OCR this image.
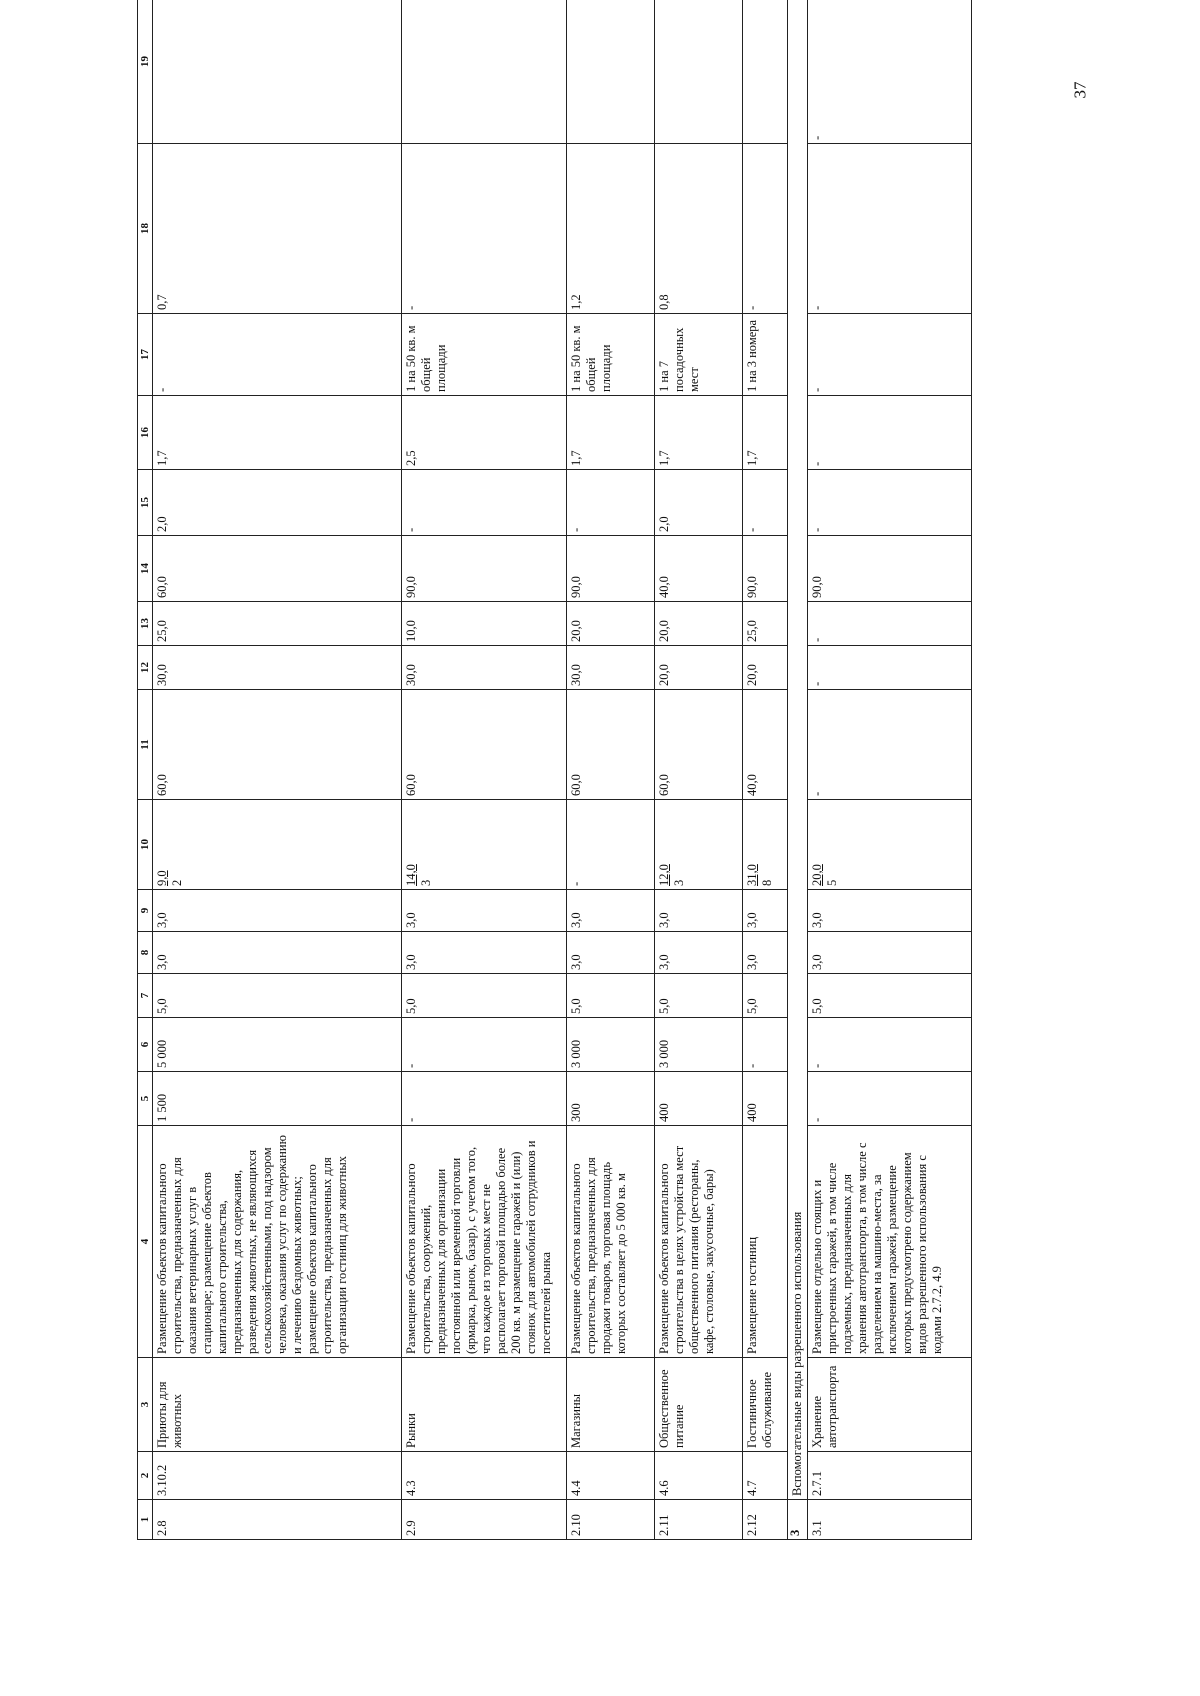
37
1	2	3	4	5	6	7	8	9	10	11	12	13	14	15	16	17	18	19
2.8	3.10.2	Приюты для животных	Размещение объектов капитального строительства, предназначенных для оказания ветеринарных услуг в стационаре; размещение объектов капитального строительства, предназначенных для содержания, разведения животных, не являющихся сельскохозяйственными, под надзором человека, оказания услуг по содержанию и лечению бездомных животных; размещение объектов капитального строительства, предназначенных для организации гостиниц для животных	1 500	5 000	5,0	3,0	3,0	9,0 2	60,0	30,0	25,0	60,0	2,0	1,7	-	0,7	
2.9	4.3	Рынки	Размещение объектов капитального строительства, сооружений, предназначенных для организации постоянной или временной торговли (ярмарка, рынок, базар), с учетом того, что каждое из торговых мест не располагает торговой площадью более 200 кв. м размещение гаражей и (или) стоянок для автомобилей сотрудников и посетителей рынка	-	-	5,0	3,0	3,0	14,0 3	60,0	30,0	10,0	90,0	-	2,5	1 на 50 кв. м общей площади	-	
2.10	4.4	Магазины	Размещение объектов капитального строительства, предназначенных для продажи товаров, торговая площадь которых составляет до 5 000 кв. м	300	3 000	5,0	3,0	3,0	-	60,0	30,0	20,0	90,0	-	1,7	1 на 50 кв. м общей площади	1,2	
2.11	4.6	Общественное питание	Размещение объектов капитального строительства в целях устройства мест общественного питания (рестораны, кафе, столовые, закусочные, бары)	400	3 000	5,0	3,0	3,0	12,0 3	60,0	20,0	20,0	40,0	2,0	1,7	1 на 7 посадочных мест	0,8	
2.12	4.7	Гостиничное обслуживание	Размещение гостиниц	400	-	5,0	3,0	3,0	31,0 8	40,0	20,0	25,0	90,0	-	1,7	1 на 3 номера	-	
3	Вспомогательные виды разрешенного использования																	
3.1	2.7.1	Хранение автотранспорта	Размещение отдельно стоящих и пристроенных гаражей, в том числе подземных, предназначенных для хранения автотранспорта, в том числе с разделением на машино-места, за исключением гаражей, размещение которых предусмотрено содержанием видов разрешенного использования с кодами 2.7.2, 4.9	-	-	5,0	3,0	3,0	20,0 5	-	-	-	90,0	-	-	-	-	-
